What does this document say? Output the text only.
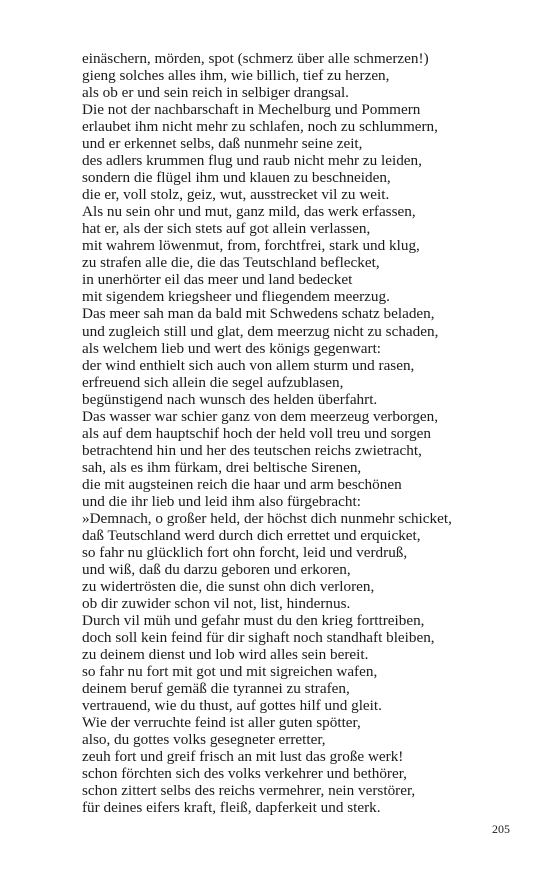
einäschern, mörden, spot (schmerz über alle schmerzen!)
gieng solches alles ihm, wie billich, tief zu herzen,
als ob er und sein reich in selbiger drangsal.
Die not der nachbarschaft in Mechelburg und Pommern
erlaubet ihm nicht mehr zu schlafen, noch zu schlummern,
und er erkennet selbs, daß nunmehr seine zeit,
des adlers krummen flug und raub nicht mehr zu leiden,
sondern die flügel ihm und klauen zu beschneiden,
die er, voll stolz, geiz, wut, ausstrecket vil zu weit.
Als nu sein ohr und mut, ganz mild, das werk erfassen,
hat er, als der sich stets auf got allein verlassen,
mit wahrem löwenmut, from, forchtfrei, stark und klug,
zu strafen alle die, die das Teutschland beflecket,
in unerhörter eil das meer und land bedecket
mit sigendem kriegsheer und fliegendem meerzug.
Das meer sah man da bald mit Schwedens schatz beladen,
und zugleich still und glat, dem meerzug nicht zu schaden,
als welchem lieb und wert des königs gegenwart:
der wind enthielt sich auch von allem sturm und rasen,
erfreuend sich allein die segel aufzublasen,
begünstigend nach wunsch des helden überfahrt.
Das wasser war schier ganz von dem meerzeug verborgen,
als auf dem hauptschif hoch der held voll treu und sorgen
betrachtend hin und her des teutschen reichs zwietracht,
sah, als es ihm fürkam, drei beltische Sirenen,
die mit augsteinen reich die haar und arm beschönen
und die ihr lieb und leid ihm also fürgebracht:
»Demnach, o großer held, der höchst dich nunmehr schicket,
daß Teutschland werd durch dich errettet und erquicket,
so fahr nu glücklich fort ohn forcht, leid und verdruß,
und wiß, daß du darzu geboren und erkoren,
zu widertrösten die, die sunst ohn dich verloren,
ob dir zuwider schon vil not, list, hindernus.
Durch vil müh und gefahr must du den krieg forttreiben,
doch soll kein feind für dir sighaft noch standhaft bleiben,
zu deinem dienst und lob wird alles sein bereit.
so fahr nu fort mit got und mit sigreichen wafen,
deinem beruf gemäß die tyrannei zu strafen,
vertrauend, wie du thust, auf gottes hilf und gleit.
Wie der verruchte feind ist aller guten spötter,
also, du gottes volks gesegneter erretter,
zeuh fort und greif frisch an mit lust das große werk!
schon förchten sich des volks verkehrer und bethörer,
schon zittert selbs des reichs vermehrer, nein verstörer,
für deines eifers kraft, fleiß, dapferkeit und sterk.
205
